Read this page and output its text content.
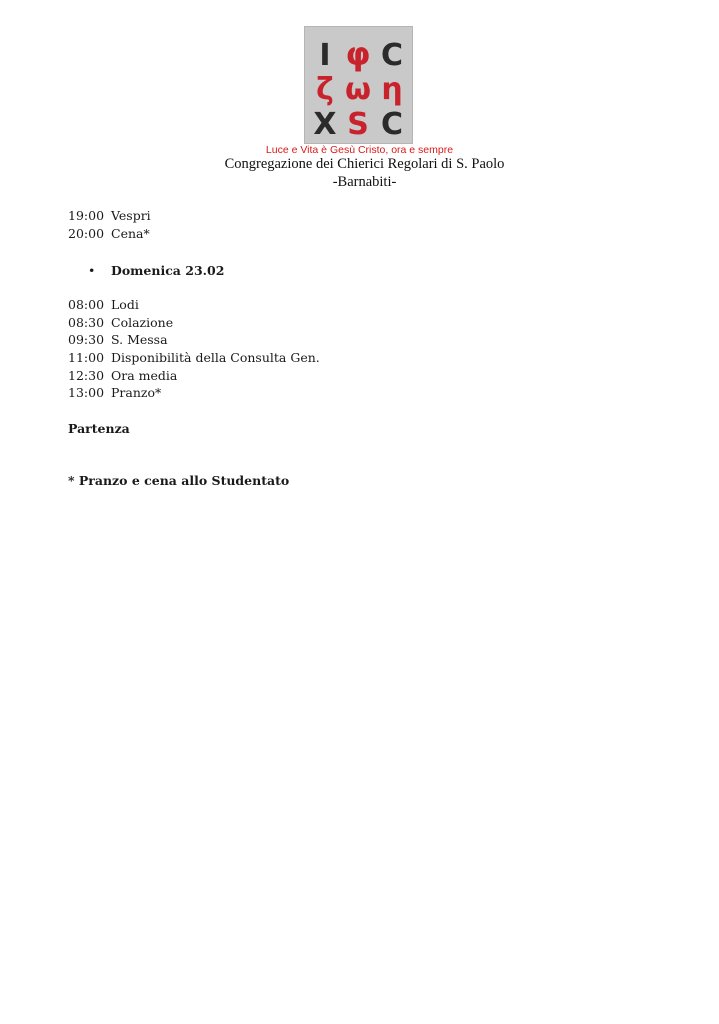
I φ C
ζ ω η
X S C
Luce e Vita è Gesù Cristo, ora e sempre
Congregazione dei Chierici Regolari di S. Paolo
-Barnabiti-
19:00 Vespri
20:00 Cena*
• Domenica 23.02
08:00 Lodi
08:30 Colazione
09:30 S. Messa
11:00 Disponibilità della Consulta Gen.
12:30 Ora media
13:00 Pranzo*
Partenza
* Pranzo e cena allo Studentato
